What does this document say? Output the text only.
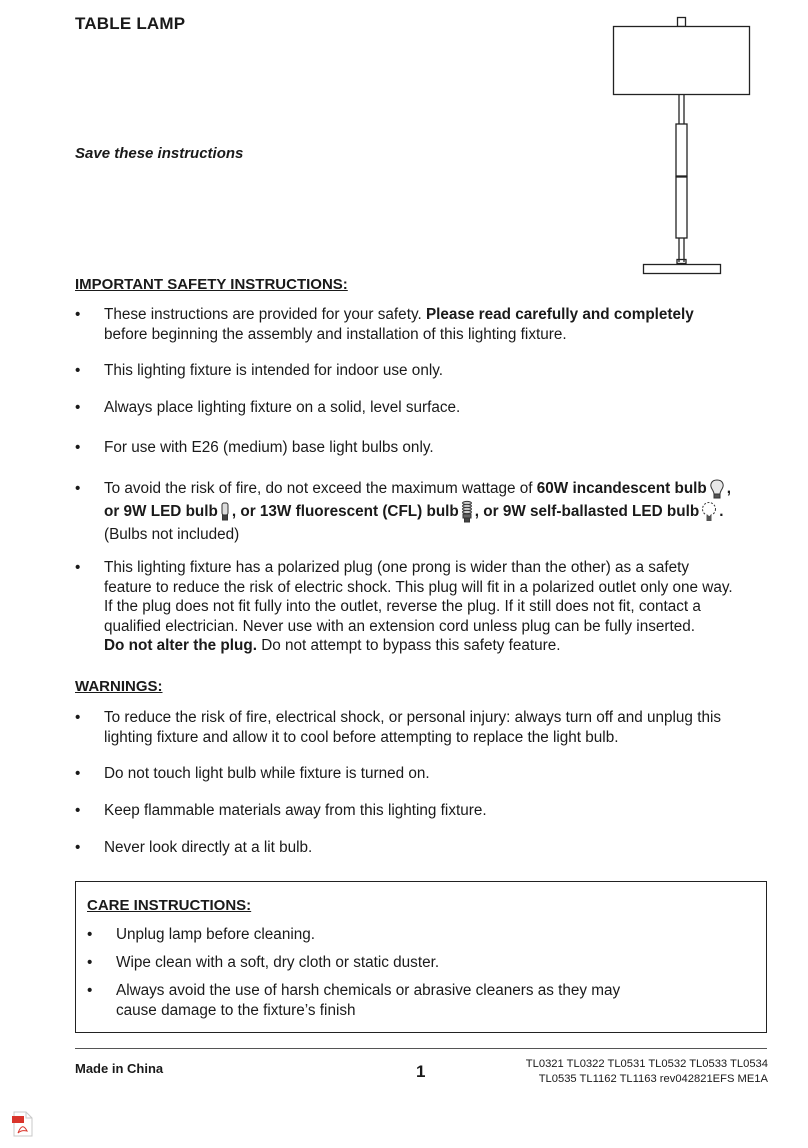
TABLE LAMP
Save these instructions
IMPORTANT SAFETY INSTRUCTIONS:
• These instructions are provided for your safety. Please read carefully and completely
before beginning the assembly and installation of this lighting fixture.
• This lighting fixture is intended for indoor use only.
• Always place lighting fixture on a solid, level surface.
• For use with E26 (medium) base light bulbs only.
• To avoid the risk of fire, do not exceed the maximum wattage of 60W incandescent bulb ,
or 9W LED bulb , or 13W fluorescent (CFL) bulb , or 9W self-ballasted LED bulb .
(Bulbs not included)
• This lighting fixture has a polarized plug (one prong is wider than the other) as a safety
feature to reduce the risk of electric shock. This plug will fit in a polarized outlet only one way.
If the plug does not fit fully into the outlet, reverse the plug. If it still does not fit, contact a
qualified electrician. Never use with an extension cord unless plug can be fully inserted.
Do not alter the plug. Do not attempt to bypass this safety feature.
WARNINGS:
• To reduce the risk of fire, electrical shock, or personal injury: always turn off and unplug this
lighting fixture and allow it to cool before attempting to replace the light bulb.
• Do not touch light bulb while fixture is turned on.
• Keep flammable materials away from this lighting fixture.
• Never look directly at a lit bulb.
CARE INSTRUCTIONS:
• Unplug lamp before cleaning.
• Wipe clean with a soft, dry cloth or static duster.
• Always avoid the use of harsh chemicals or abrasive cleaners as they may
cause damage to the fixture’s finish
Made in China	1	TL0321 TL0322 TL0531 TL0532 TL0533 TL0534
TL0535 TL1162 TL1163 rev042821EFS ME1A
